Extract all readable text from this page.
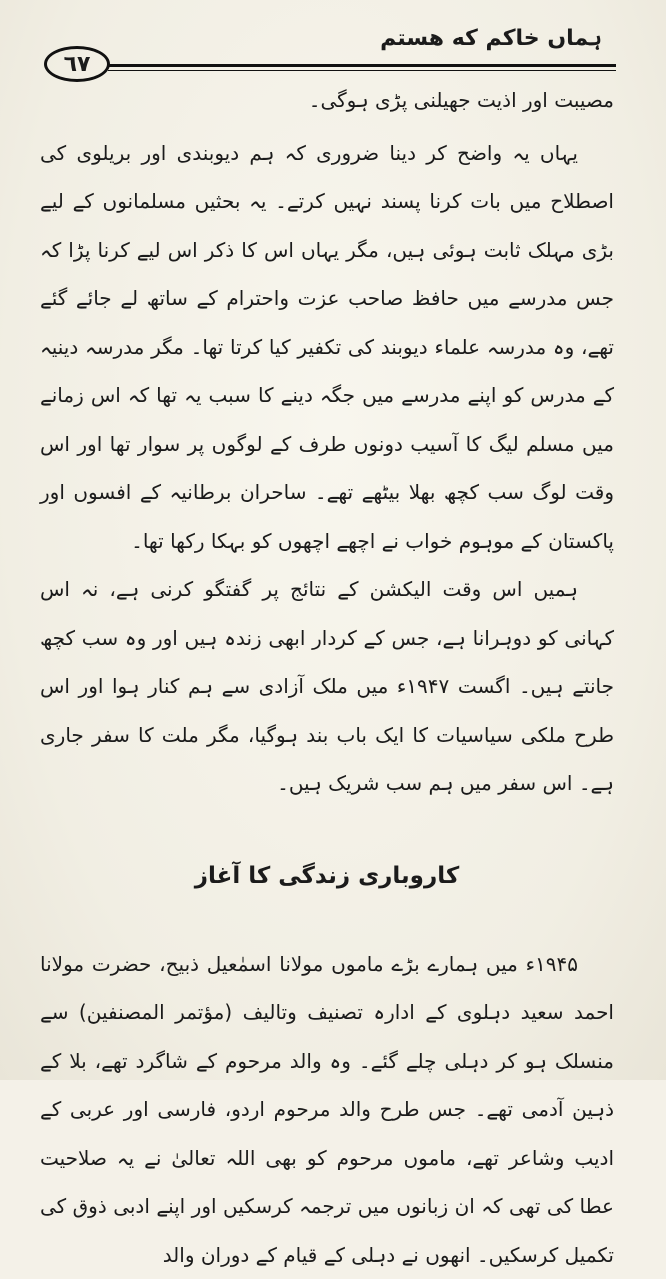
ہماں خاکم که هستم
٦٧

مصیبت اور اذیت جھیلنی پڑی ہوگی۔

یہاں یہ واضح کر دینا ضروری کہ ہم دیوبندی اور بریلوی کی اصطلاح میں بات کرنا پسند نہیں کرتے۔ یہ بحثیں مسلمانوں کے لیے بڑی مہلک ثابت ہوئی ہیں، مگر یہاں اس کا ذکر اس لیے کرنا پڑا کہ جس مدرسے میں حافظ صاحب عزت واحترام کے ساتھ لے جائے گئے تھے، وہ مدرسہ علماء دیوبند کی تکفیر کیا کرتا تھا۔ مگر مدرسہ دینیہ کے مدرس کو اپنے مدرسے میں جگہ دینے کا سبب یہ تھا کہ اس زمانے میں مسلم لیگ کا آسیب دونوں طرف کے لوگوں پر سوار تھا اور اس وقت لوگ سب کچھ بھلا بیٹھے تھے۔ ساحران برطانیہ کے افسوں اور پاکستان کے موہوم خواب نے اچھے اچھوں کو بہکا رکھا تھا۔

ہمیں اس وقت الیکشن کے نتائج پر گفتگو کرنی ہے، نہ اس کہانی کو دوہرانا ہے، جس کے کردار ابھی زندہ ہیں اور وہ سب کچھ جانتے ہیں۔ اگست ۱۹۴۷ء میں ملک آزادی سے ہم کنار ہوا اور اس طرح ملکی سیاسیات کا ایک باب بند ہوگیا، مگر ملت کا سفر جاری ہے۔ اس سفر میں ہم سب شریک ہیں۔

کاروباری زندگی کا آغاز

۱۹۴۵ء میں ہمارے بڑے ماموں مولانا اسمٰعیل ذبیح، حضرت مولانا احمد سعید دہلوی کے ادارہ تصنیف وتالیف (مؤتمر المصنفین) سے منسلک ہو کر دہلی چلے گئے۔ وہ والد مرحوم کے شاگرد تھے، بلا کے ذہین آدمی تھے۔ جس طرح والد مرحوم اردو، فارسی اور عربی کے ادیب وشاعر تھے، ماموں مرحوم کو بھی اللہ تعالیٰ نے یہ صلاحیت عطا کی تھی کہ ان زبانوں میں ترجمہ کرسکیں اور اپنے ادبی ذوق کی تکمیل کرسکیں۔ انھوں نے دہلی کے قیام کے دوران والد
